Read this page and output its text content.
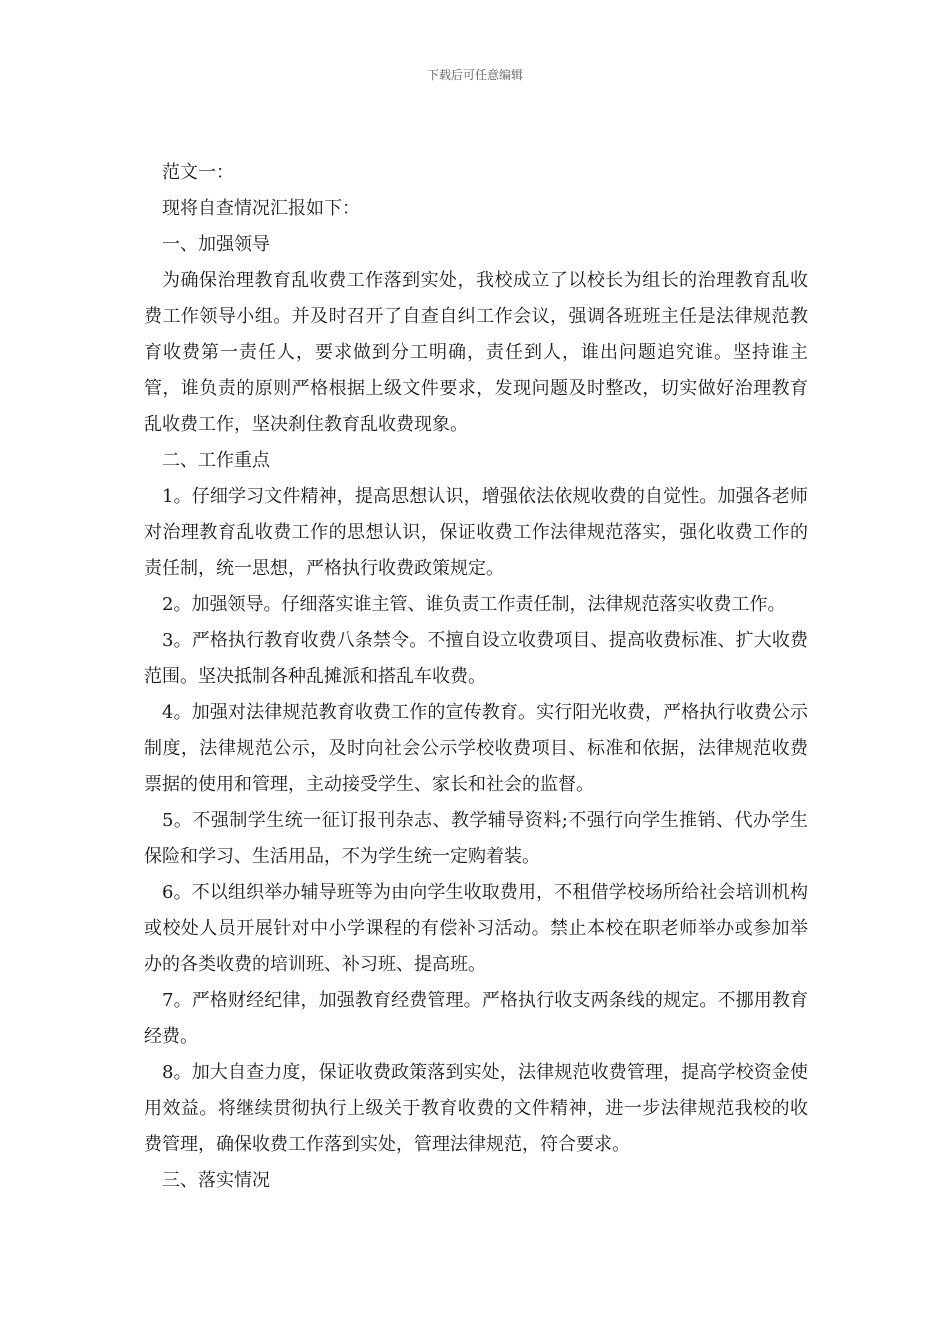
下载后可任意编辑

范文一：

现将自查情况汇报如下：

一、加强领导

为确保治理教育乱收费工作落到实处，我校成立了以校长为组长的治理教育乱收费工作领导小组。并及时召开了自查自纠工作会议，强调各班班主任是法律规范教育收费第一责任人，要求做到分工明确，责任到人，谁出问题追究谁。坚持谁主管，谁负责的原则严格根据上级文件要求，发现问题及时整改，切实做好治理教育乱收费工作，坚决刹住教育乱收费现象。

二、工作重点

1。仔细学习文件精神，提高思想认识，增强依法依规收费的自觉性。加强各老师对治理教育乱收费工作的思想认识，保证收费工作法律规范落实，强化收费工作的责任制，统一思想，严格执行收费政策规定。

2。加强领导。仔细落实谁主管、谁负责工作责任制，法律规范落实收费工作。

3。严格执行教育收费八条禁令。不擅自设立收费项目、提高收费标准、扩大收费范围。坚决抵制各种乱摊派和搭乱车收费。

4。加强对法律规范教育收费工作的宣传教育。实行阳光收费，严格执行收费公示制度，法律规范公示，及时向社会公示学校收费项目、标准和依据，法律规范收费票据的使用和管理，主动接受学生、家长和社会的监督。

5。不强制学生统一征订报刊杂志、教学辅导资料;不强行向学生推销、代办学生保险和学习、生活用品，不为学生统一定购着装。

6。不以组织举办辅导班等为由向学生收取费用，不租借学校场所给社会培训机构或校处人员开展针对中小学课程的有偿补习活动。禁止本校在职老师举办或参加举办的各类收费的培训班、补习班、提高班。

7。严格财经纪律，加强教育经费管理。严格执行收支两条线的规定。不挪用教育经费。

8。加大自查力度，保证收费政策落到实处，法律规范收费管理，提高学校资金使用效益。将继续贯彻执行上级关于教育收费的文件精神，进一步法律规范我校的收费管理，确保收费工作落到实处，管理法律规范，符合要求。

三、落实情况
